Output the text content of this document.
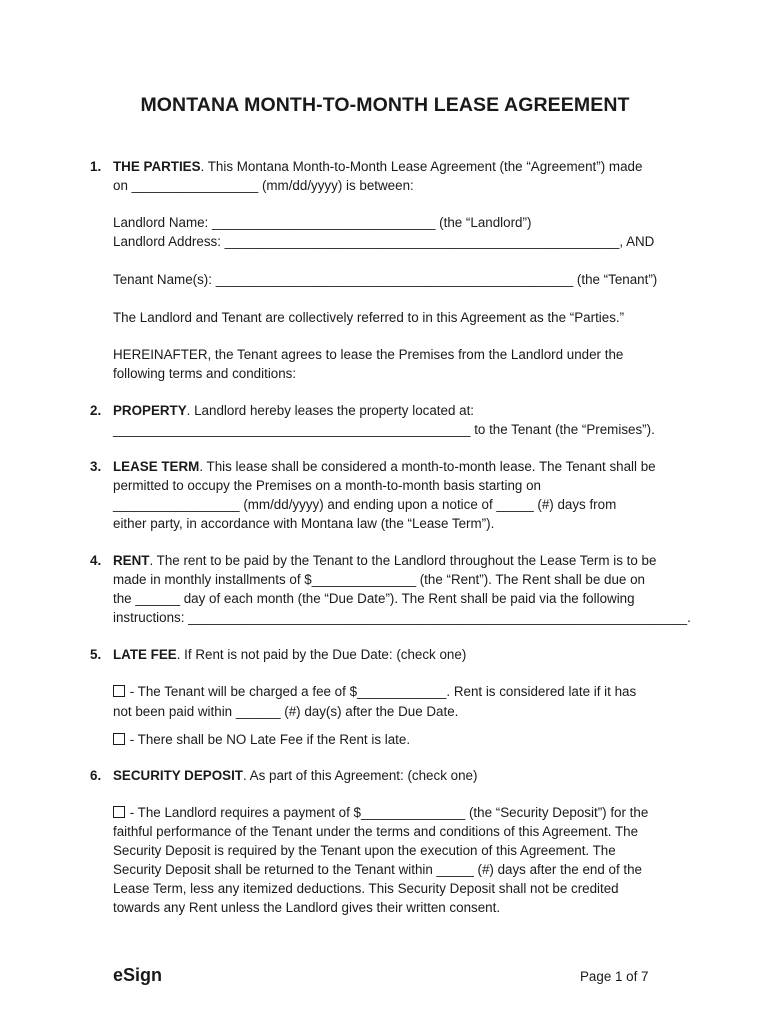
MONTANA MONTH-TO-MONTH LEASE AGREEMENT
1. THE PARTIES. This Montana Month-to-Month Lease Agreement (the “Agreement”) made
on _________________ (mm/dd/yyyy) is between:
Landlord Name: ______________________________ (the “Landlord”)
Landlord Address: _____________________________________________________, AND
Tenant Name(s): ________________________________________________ (the “Tenant”)
The Landlord and Tenant are collectively referred to in this Agreement as the “Parties.”
HEREINAFTER, the Tenant agrees to lease the Premises from the Landlord under the
following terms and conditions:
2. PROPERTY. Landlord hereby leases the property located at:
________________________________________________ to the Tenant (the “Premises”).
3. LEASE TERM. This lease shall be considered a month-to-month lease. The Tenant shall be
permitted to occupy the Premises on a month-to-month basis starting on
_________________ (mm/dd/yyyy) and ending upon a notice of _____ (#) days from
either party, in accordance with Montana law (the “Lease Term”).
4. RENT. The rent to be paid by the Tenant to the Landlord throughout the Lease Term is to be
made in monthly installments of $______________ (the “Rent”). The Rent shall be due on
the ______ day of each month (the “Due Date”). The Rent shall be paid via the following
instructions: ___________________________________________________________________.
5. LATE FEE. If Rent is not paid by the Due Date: (check one)
- The Tenant will be charged a fee of $____________. Rent is considered late if it has
not been paid within ______ (#) day(s) after the Due Date.
- There shall be NO Late Fee if the Rent is late.
6. SECURITY DEPOSIT. As part of this Agreement: (check one)
- The Landlord requires a payment of $______________ (the “Security Deposit”) for the
faithful performance of the Tenant under the terms and conditions of this Agreement. The
Security Deposit is required by the Tenant upon the execution of this Agreement. The
Security Deposit shall be returned to the Tenant within _____ (#) days after the end of the
Lease Term, less any itemized deductions. This Security Deposit shall not be credited
towards any Rent unless the Landlord gives their written consent.
eSign	Page 1 of 7
